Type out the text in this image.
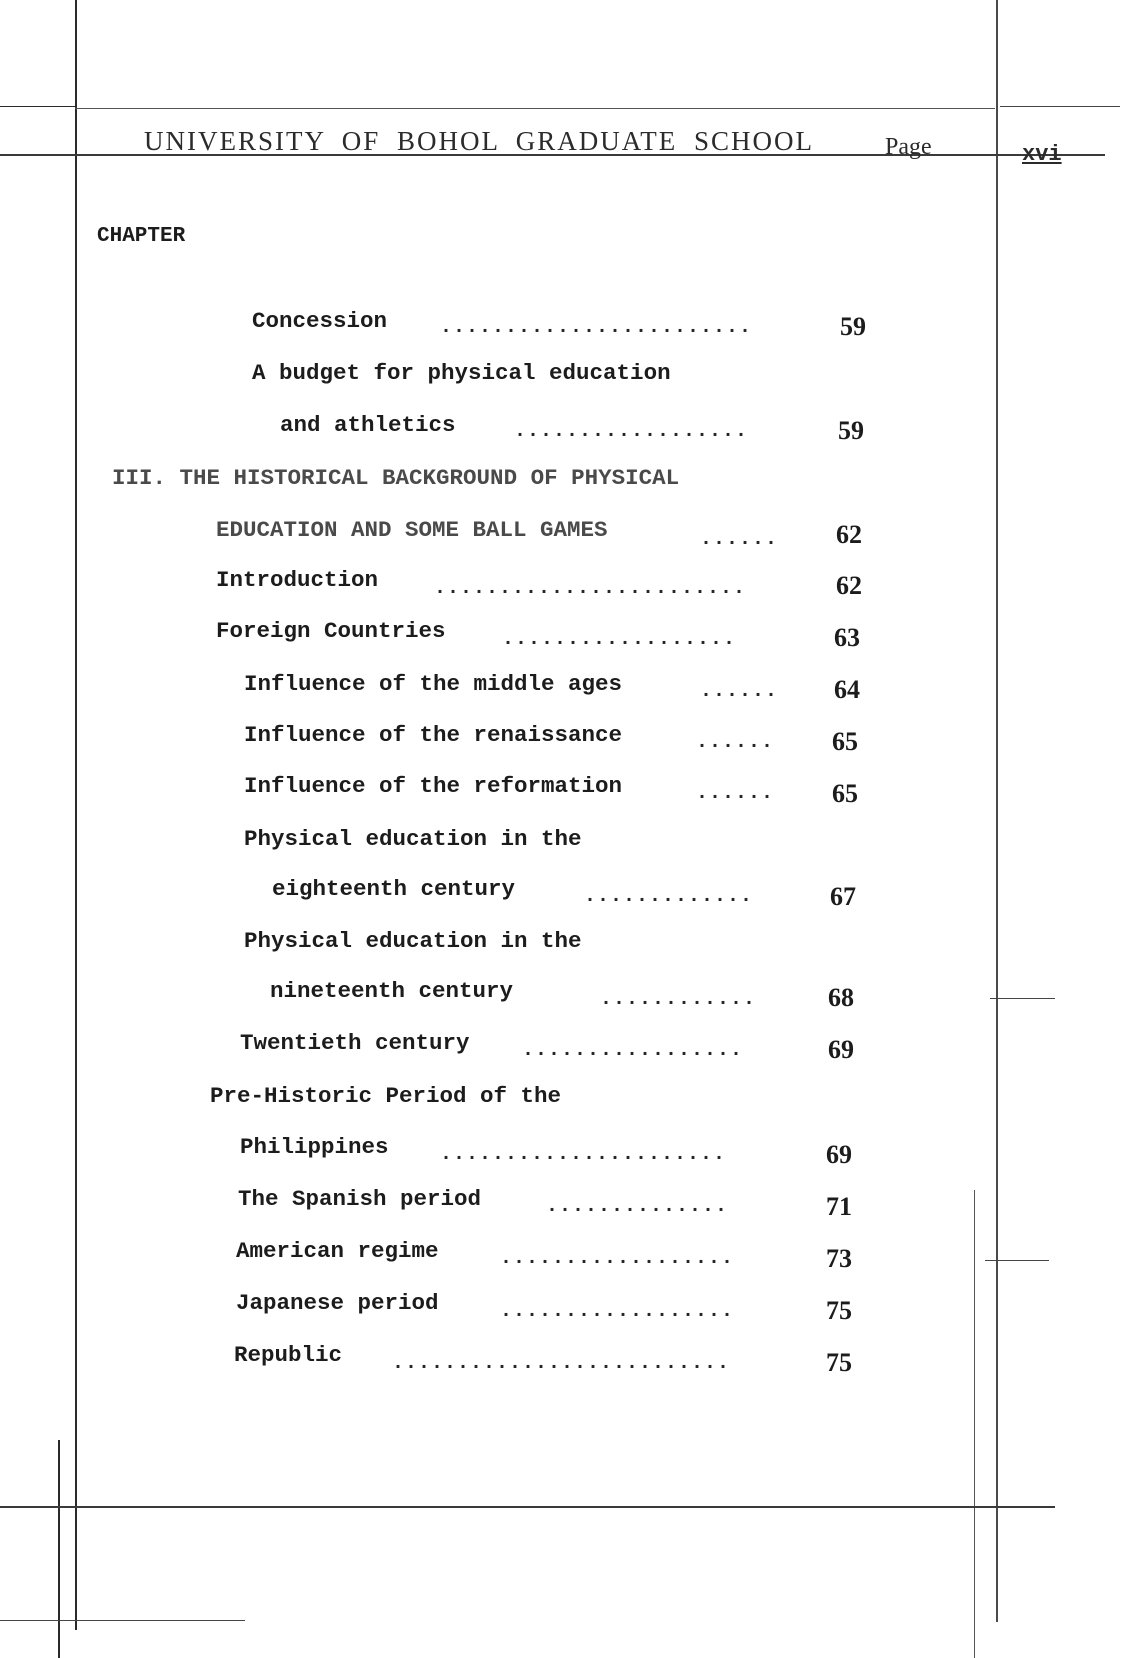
UNIVERSITY OF BOHOL GRADUATE SCHOOL	Page	xvi
CHAPTER
Concession	........................	59
A budget for physical education
and athletics	..................	59
III. THE HISTORICAL BACKGROUND OF PHYSICAL
EDUCATION AND SOME BALL GAMES	...... 62
Introduction	........................	62
Foreign Countries	..................	63
Influence of the middle ages	...... 64
Influence of the renaissance	...... 65
Influence of the reformation	...... 65
Physical education in the
eighteenth century	.............	67
Physical education in the
nineteenth century	............	68
Twentieth century	.................	69
Pre-Historic Period of the
Philippines	......................	69
The Spanish period	..............	71
American regime	..................	73
Japanese period	..................	75
Republic ..........................	75
